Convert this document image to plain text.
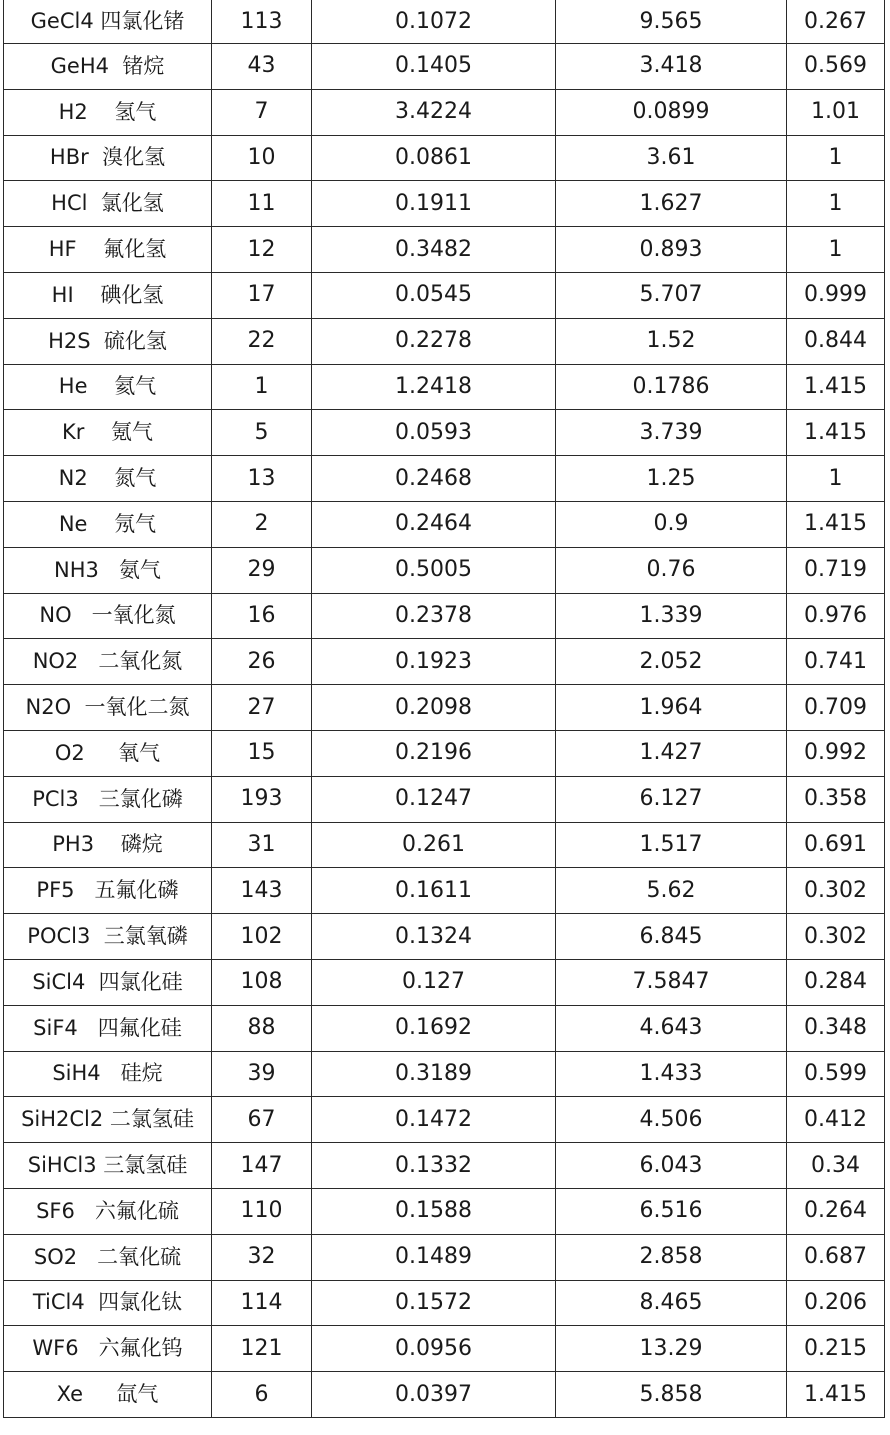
GeCl4 四氯化锗	113	0.1072	9.565	0.267
GeH4  锗烷	43	0.1405	3.418	0.569
H2    氢气	7	3.4224	0.0899	1.01
HBr  溴化氢	10	0.0861	3.61	1
HCl  氯化氢	11	0.1911	1.627	1
HF    氟化氢	12	0.3482	0.893	1
HI    碘化氢	17	0.0545	5.707	0.999
H2S  硫化氢	22	0.2278	1.52	0.844
He    氦气	1	1.2418	0.1786	1.415
Kr    氪气	5	0.0593	3.739	1.415
N2    氮气	13	0.2468	1.25	1
Ne    氖气	2	0.2464	0.9	1.415
NH3   氨气	29	0.5005	0.76	0.719
NO   一氧化氮	16	0.2378	1.339	0.976
NO2   二氧化氮	26	0.1923	2.052	0.741
N2O  一氧化二氮	27	0.2098	1.964	0.709
O2     氧气	15	0.2196	1.427	0.992
PCl3   三氯化磷	193	0.1247	6.127	0.358
PH3    磷烷	31	0.261	1.517	0.691
PF5   五氟化磷	143	0.1611	5.62	0.302
POCl3  三氯氧磷	102	0.1324	6.845	0.302
SiCl4  四氯化硅	108	0.127	7.5847	0.284
SiF4   四氟化硅	88	0.1692	4.643	0.348
SiH4   硅烷	39	0.3189	1.433	0.599
SiH2Cl2 二氯氢硅	67	0.1472	4.506	0.412
SiHCl3 三氯氢硅	147	0.1332	6.043	0.34
SF6   六氟化硫	110	0.1588	6.516	0.264
SO2   二氧化硫	32	0.1489	2.858	0.687
TiCl4  四氯化钛	114	0.1572	8.465	0.206
WF6   六氟化钨	121	0.0956	13.29	0.215
Xe     氙气	6	0.0397	5.858	1.415
